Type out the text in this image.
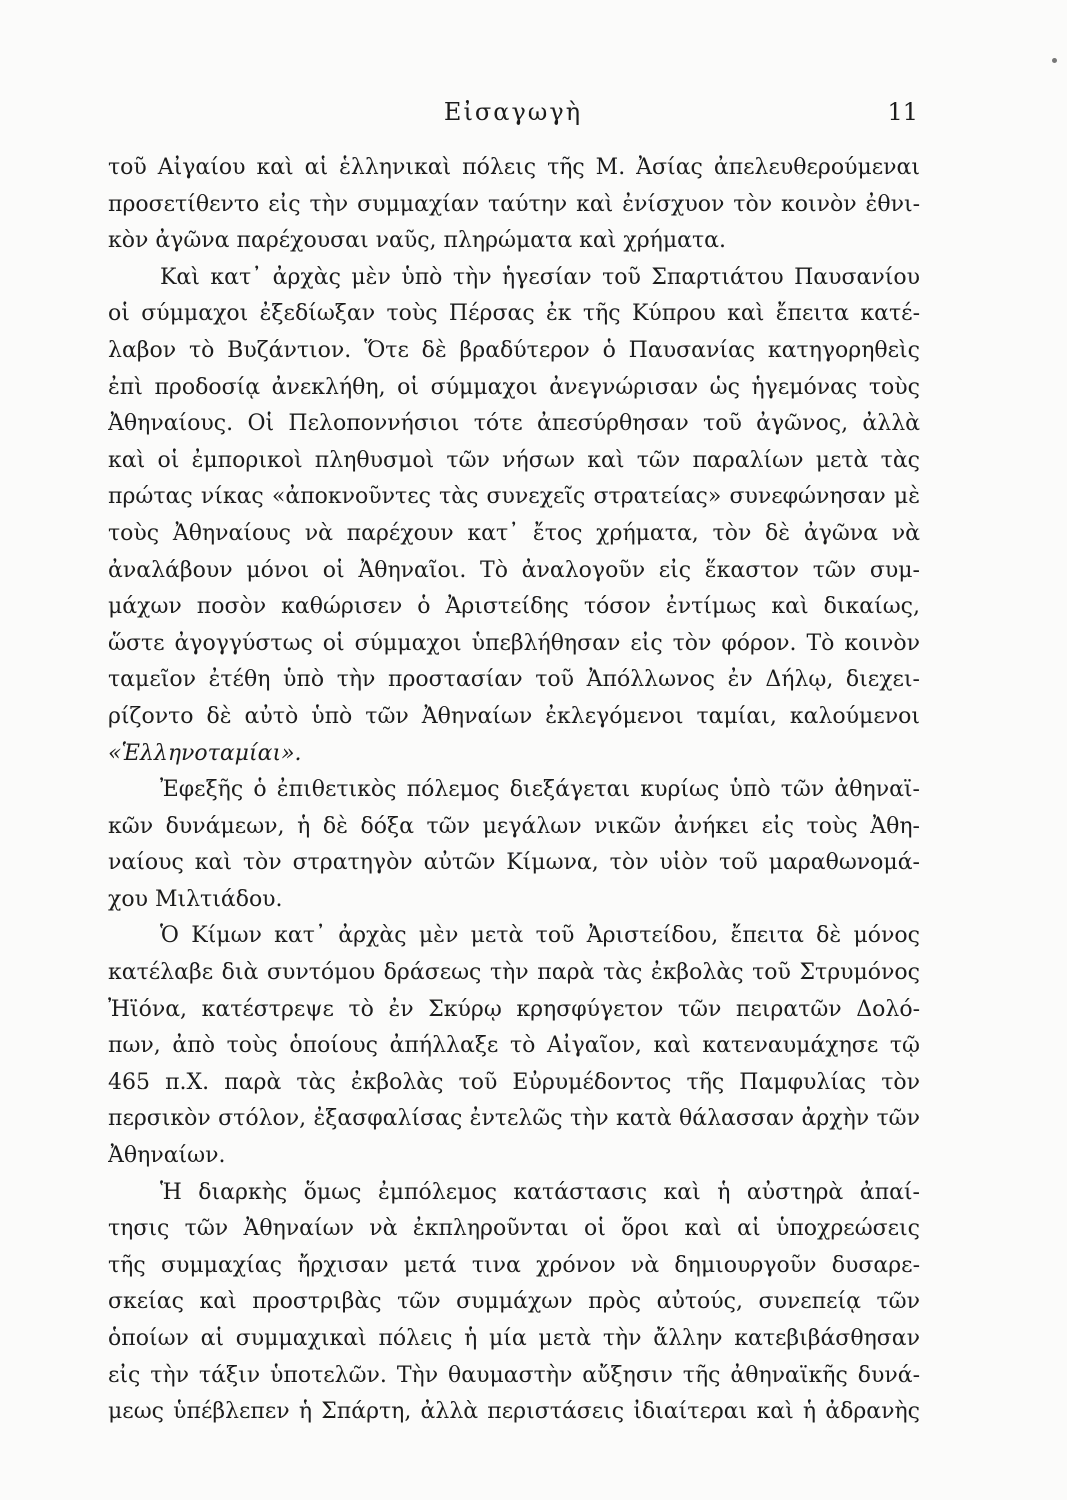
Εἰσαγωγὴ	11
τοῦ Αἰγαίου καὶ αἱ ἑλληνικαὶ πόλεις τῆς Μ. Ἀσίας ἀπελευθερούμεναι
προσετίθεντο εἰς τὴν συμμαχίαν ταύτην καὶ ἐνίσχυον τὸν κοινὸν ἐθνι-
κὸν ἀγῶνα παρέχουσαι ναῦς, πληρώματα καὶ χρήματα.
Καὶ κατ᾽ ἀρχὰς μὲν ὑπὸ τὴν ἡγεσίαν τοῦ Σπαρτιάτου Παυσανίου
οἱ σύμμαχοι ἐξεδίωξαν τοὺς Πέρσας ἐκ τῆς Κύπρου καὶ ἔπειτα κατέ-
λαβον τὸ Βυζάντιον. Ὅτε δὲ βραδύτερον ὁ Παυσανίας κατηγορηθεὶς
ἐπὶ προδοσίᾳ ἀνεκλήθη, οἱ σύμμαχοι ἀνεγνώρισαν ὡς ἡγεμόνας τοὺς
Ἀθηναίους. Οἱ Πελοποννήσιοι τότε ἀπεσύρθησαν τοῦ ἀγῶνος, ἀλλὰ
καὶ οἱ ἐμπορικοὶ πληθυσμοὶ τῶν νήσων καὶ τῶν παραλίων μετὰ τὰς
πρώτας νίκας «ἀποκνοῦντες τὰς συνεχεῖς στρατείας» συνεφώνησαν μὲ
τοὺς Ἀθηναίους νὰ παρέχουν κατ᾽ ἔτος χρήματα, τὸν δὲ ἀγῶνα νὰ
ἀναλάβουν μόνοι οἱ Ἀθηναῖοι. Τὸ ἀναλογοῦν εἰς ἕκαστον τῶν συμ-
μάχων ποσὸν καθώρισεν ὁ Ἀριστείδης τόσον ἐντίμως καὶ δικαίως,
ὥστε ἀγογγύστως οἱ σύμμαχοι ὑπεβλήθησαν εἰς τὸν φόρον. Τὸ κοινὸν
ταμεῖον ἐτέθη ὑπὸ τὴν προστασίαν τοῦ Ἀπόλλωνος ἐν Δήλῳ, διεχει-
ρίζοντο δὲ αὐτὸ ὑπὸ τῶν Ἀθηναίων ἐκλεγόμενοι ταμίαι, καλούμενοι
«Ἑλληνοταμίαι».
Ἐφεξῆς ὁ ἐπιθετικὸς πόλεμος διεξάγεται κυρίως ὑπὸ τῶν ἀθηναϊ-
κῶν δυνάμεων, ἡ δὲ δόξα τῶν μεγάλων νικῶν ἀνήκει εἰς τοὺς Ἀθη-
ναίους καὶ τὸν στρατηγὸν αὐτῶν Κίμωνα, τὸν υἱὸν τοῦ μαραθωνομά-
χου Μιλτιάδου.
Ὁ Κίμων κατ᾽ ἀρχὰς μὲν μετὰ τοῦ Ἀριστείδου, ἔπειτα δὲ μόνος
κατέλαβε διὰ συντόμου δράσεως τὴν παρὰ τὰς ἐκβολὰς τοῦ Στρυμόνος
Ἠϊόνα, κατέστρεψε τὸ ἐν Σκύρῳ κρησφύγετον τῶν πειρατῶν Δολό-
πων, ἀπὸ τοὺς ὁποίους ἀπήλλαξε τὸ Αἰγαῖον, καὶ κατεναυμάχησε τῷ
465 π.Χ. παρὰ τὰς ἐκβολὰς τοῦ Εὐρυμέδοντος τῆς Παμφυλίας τὸν
περσικὸν στόλον, ἐξασφαλίσας ἐντελῶς τὴν κατὰ θάλασσαν ἀρχὴν τῶν
Ἀθηναίων.
Ἡ διαρκὴς ὅμως ἐμπόλεμος κατάστασις καὶ ἡ αὐστηρὰ ἀπαί-
τησις τῶν Ἀθηναίων νὰ ἐκπληροῦνται οἱ ὅροι καὶ αἱ ὑποχρεώσεις
τῆς συμμαχίας ἤρχισαν μετά τινα χρόνον νὰ δημιουργοῦν δυσαρε-
σκείας καὶ προστριβὰς τῶν συμμάχων πρὸς αὐτούς, συνεπείᾳ τῶν
ὁποίων αἱ συμμαχικαὶ πόλεις ἡ μία μετὰ τὴν ἄλλην κατεβιβάσθησαν
εἰς τὴν τάξιν ὑποτελῶν. Τὴν θαυμαστὴν αὔξησιν τῆς ἀθηναϊκῆς δυνά-
μεως ὑπέβλεπεν ἡ Σπάρτη, ἀλλὰ περιστάσεις ἰδιαίτεραι καὶ ἡ ἀδρανὴς
